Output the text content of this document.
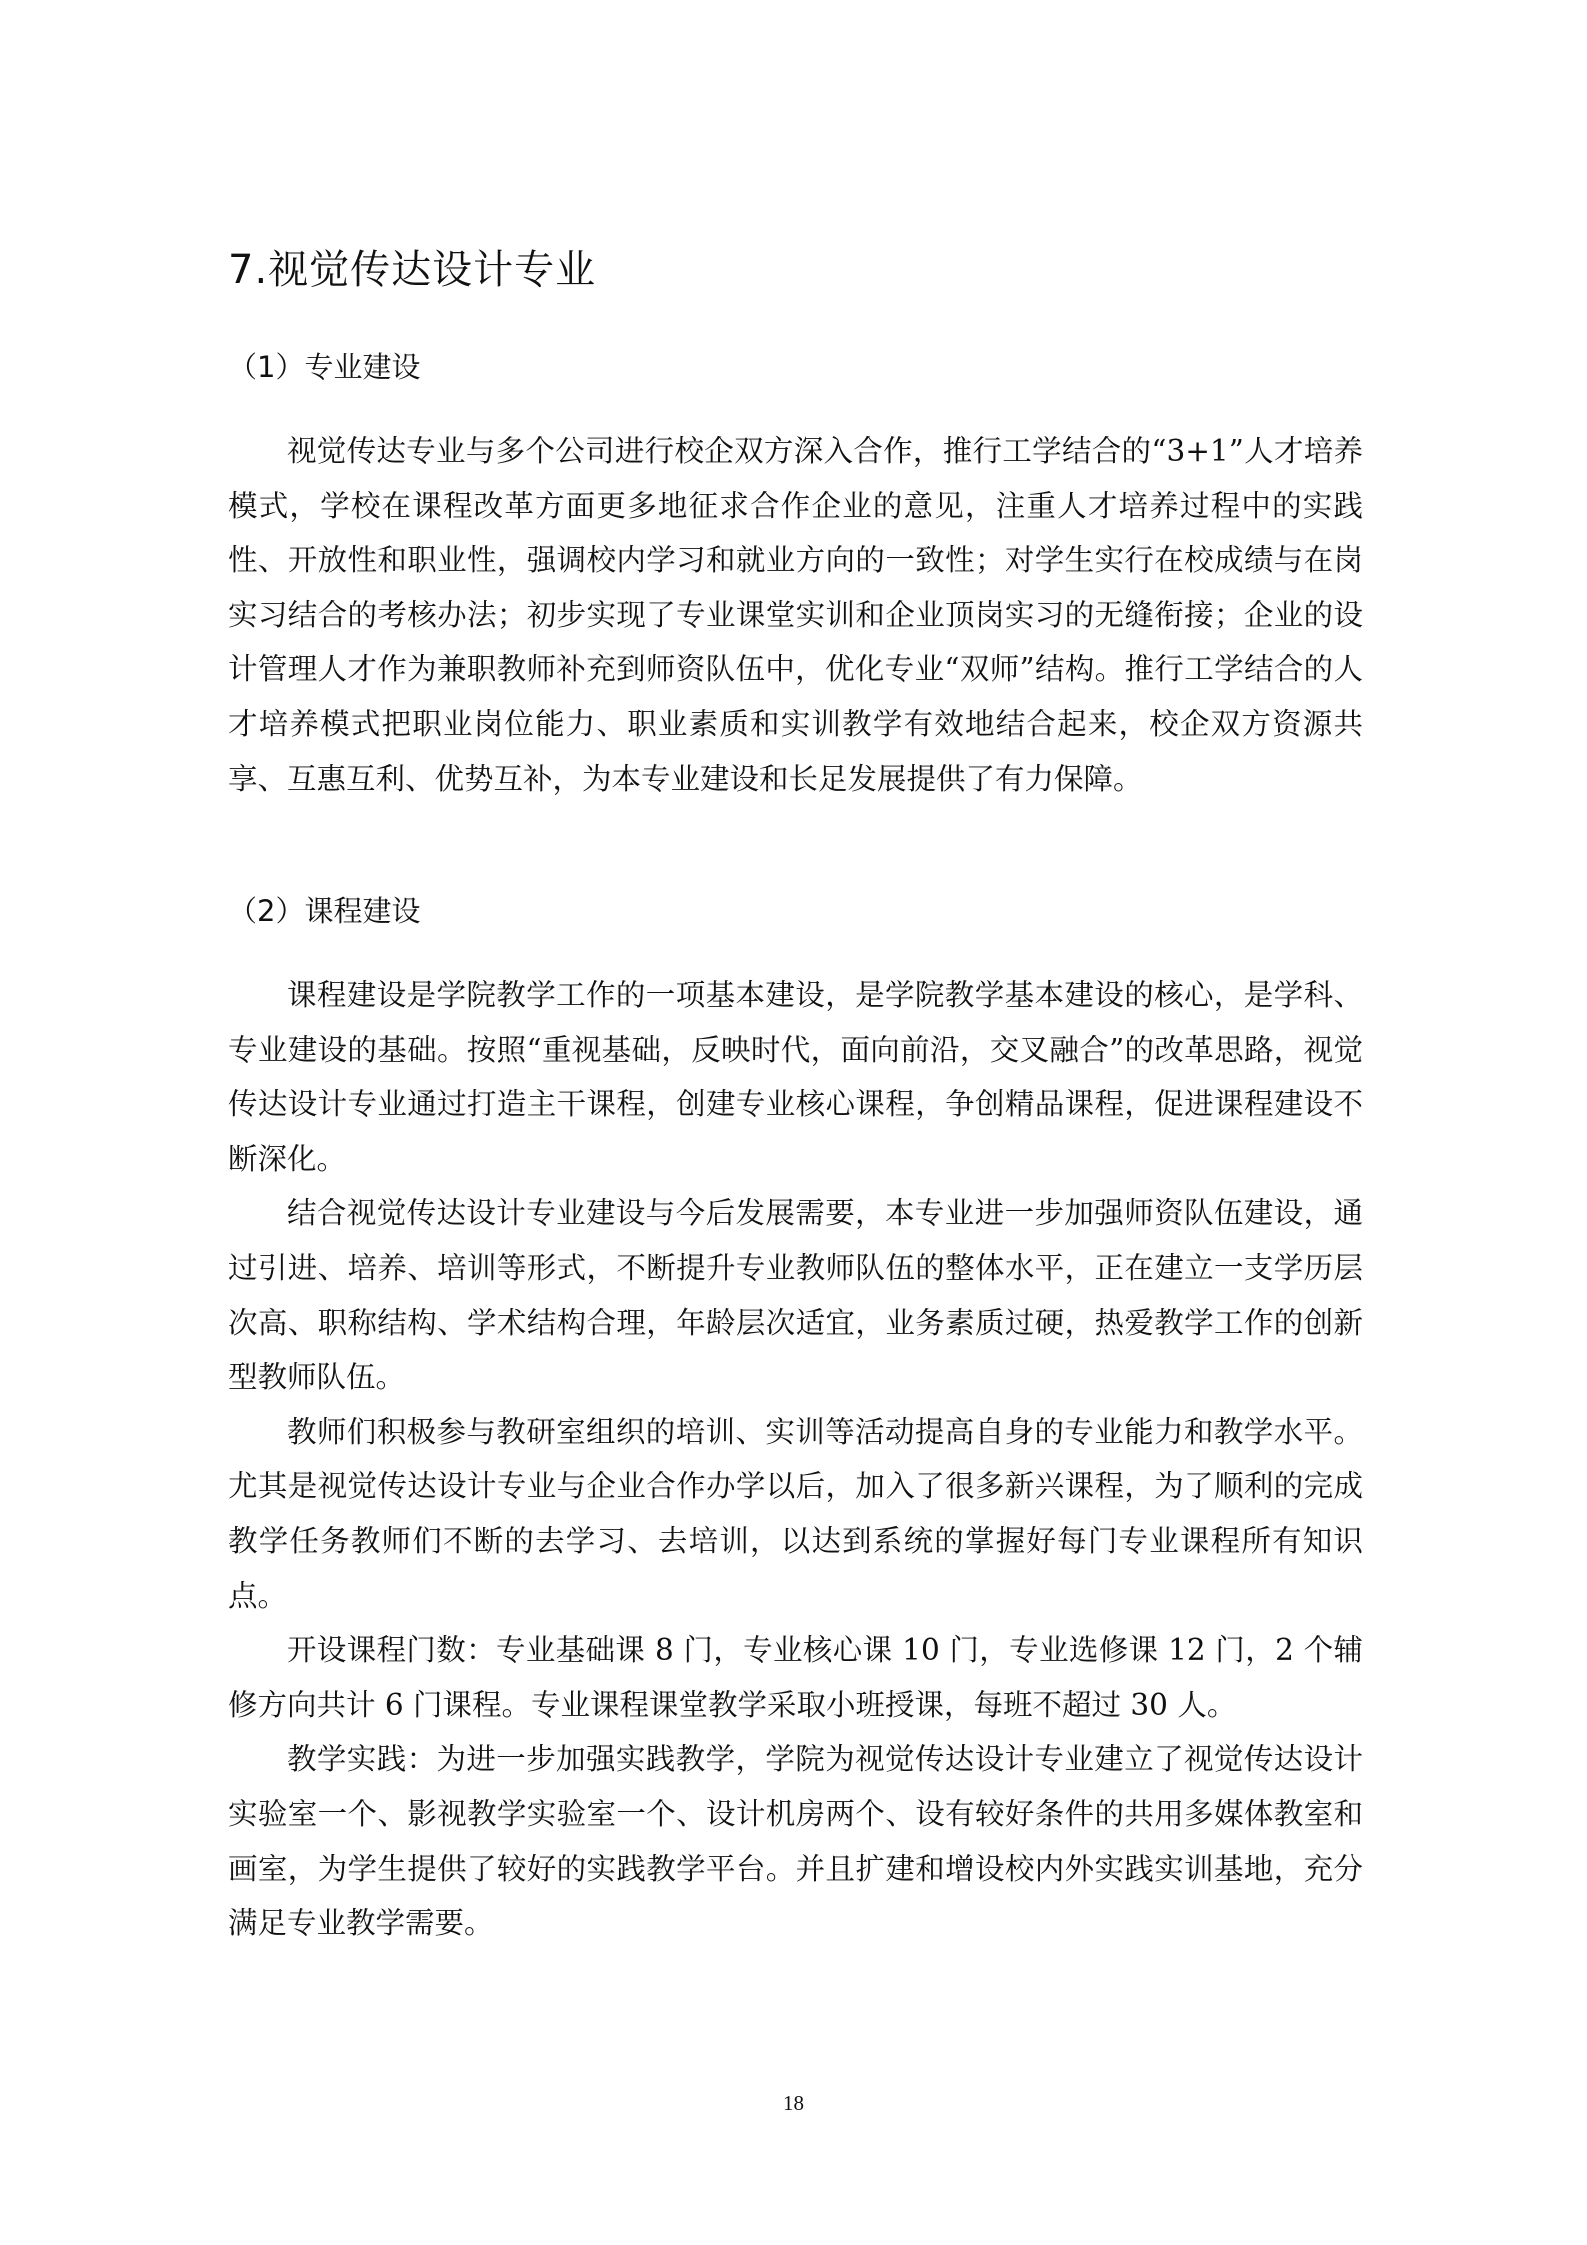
7.视觉传达设计专业
（1）专业建设

视觉传达专业与多个公司进行校企双方深入合作，推行工学结合的“3+1”人才培养模式，学校在课程改革方面更多地征求合作企业的意见，注重人才培养过程中的实践性、开放性和职业性，强调校内学习和就业方向的一致性；对学生实行在校成绩与在岗实习结合的考核办法；初步实现了专业课堂实训和企业顶岗实习的无缝衔接；企业的设计管理人才作为兼职教师补充到师资队伍中，优化专业“双师”结构。推行工学结合的人才培养模式把职业岗位能力、职业素质和实训教学有效地结合起来，校企双方资源共享、互惠互利、优势互补，为本专业建设和长足发展提供了有力保障。

（2）课程建设

课程建设是学院教学工作的一项基本建设，是学院教学基本建设的核心，是学科、专业建设的基础。按照“重视基础，反映时代，面向前沿，交叉融合”的改革思路，视觉传达设计专业通过打造主干课程，创建专业核心课程，争创精品课程，促进课程建设不断深化。

结合视觉传达设计专业建设与今后发展需要，本专业进一步加强师资队伍建设，通过引进、培养、培训等形式，不断提升专业教师队伍的整体水平，正在建立一支学历层次高、职称结构、学术结构合理，年龄层次适宜，业务素质过硬，热爱教学工作的创新型教师队伍。

教师们积极参与教研室组织的培训、实训等活动提高自身的专业能力和教学水平。尤其是视觉传达设计专业与企业合作办学以后，加入了很多新兴课程，为了顺利的完成教学任务教师们不断的去学习、去培训，以达到系统的掌握好每门专业课程所有知识点。

开设课程门数：专业基础课 8 门，专业核心课 10 门，专业选修课 12 门，2 个辅修方向共计 6 门课程。专业课程课堂教学采取小班授课，每班不超过 30 人。

教学实践：为进一步加强实践教学，学院为视觉传达设计专业建立了视觉传达设计实验室一个、影视教学实验室一个、设计机房两个、设有较好条件的共用多媒体教室和画室，为学生提供了较好的实践教学平台。并且扩建和增设校内外实践实训基地，充分满足专业教学需要。

18
